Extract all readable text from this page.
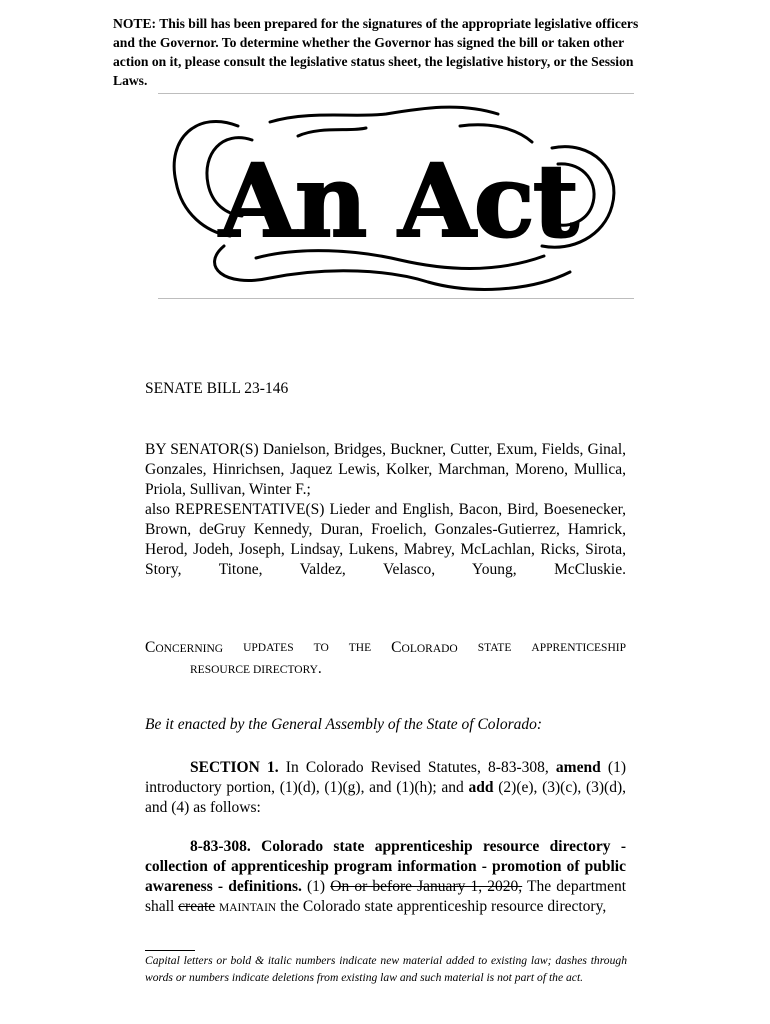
NOTE: This bill has been prepared for the signatures of the appropriate legislative officers and the Governor. To determine whether the Governor has signed the bill or taken other action on it, please consult the legislative status sheet, the legislative history, or the Session Laws.
An Act
SENATE BILL 23-146

BY SENATOR(S) Danielson, Bridges, Buckner, Cutter, Exum, Fields, Ginal, Gonzales, Hinrichsen, Jaquez Lewis, Kolker, Marchman, Moreno, Mullica, Priola, Sullivan, Winter F.;

also REPRESENTATIVE(S) Lieder and English, Bacon, Bird, Boesenecker, Brown, deGruy Kennedy, Duran, Froelich, Gonzales-Gutierrez, Hamrick, Herod, Jodeh, Joseph, Lindsay, Lukens, Mabrey, McLachlan, Ricks, Sirota, Story, Titone, Valdez, Velasco, Young, McCluskie.

CONCERNING UPDATES TO THE COLORADO STATE APPRENTICESHIP
RESOURCE DIRECTORY.
Be it enacted by the General Assembly of the State of Colorado:

SECTION 1. In Colorado Revised Statutes, 8-83-308, amend (1) introductory portion, (1)(d), (1)(g), and (1)(h); and add (2)(e), (3)(c), (3)(d), and (4) as follows:

8-83-308. Colorado state apprenticeship resource directory - collection of apprenticeship program information - promotion of public awareness - definitions. (1) On or before January 1, 2020, The department shall create MAINTAIN the Colorado state apprenticeship resource directory,

Capital letters or bold & italic numbers indicate new material added to existing law; dashes through words or numbers indicate deletions from existing law and such material is not part of the act.
